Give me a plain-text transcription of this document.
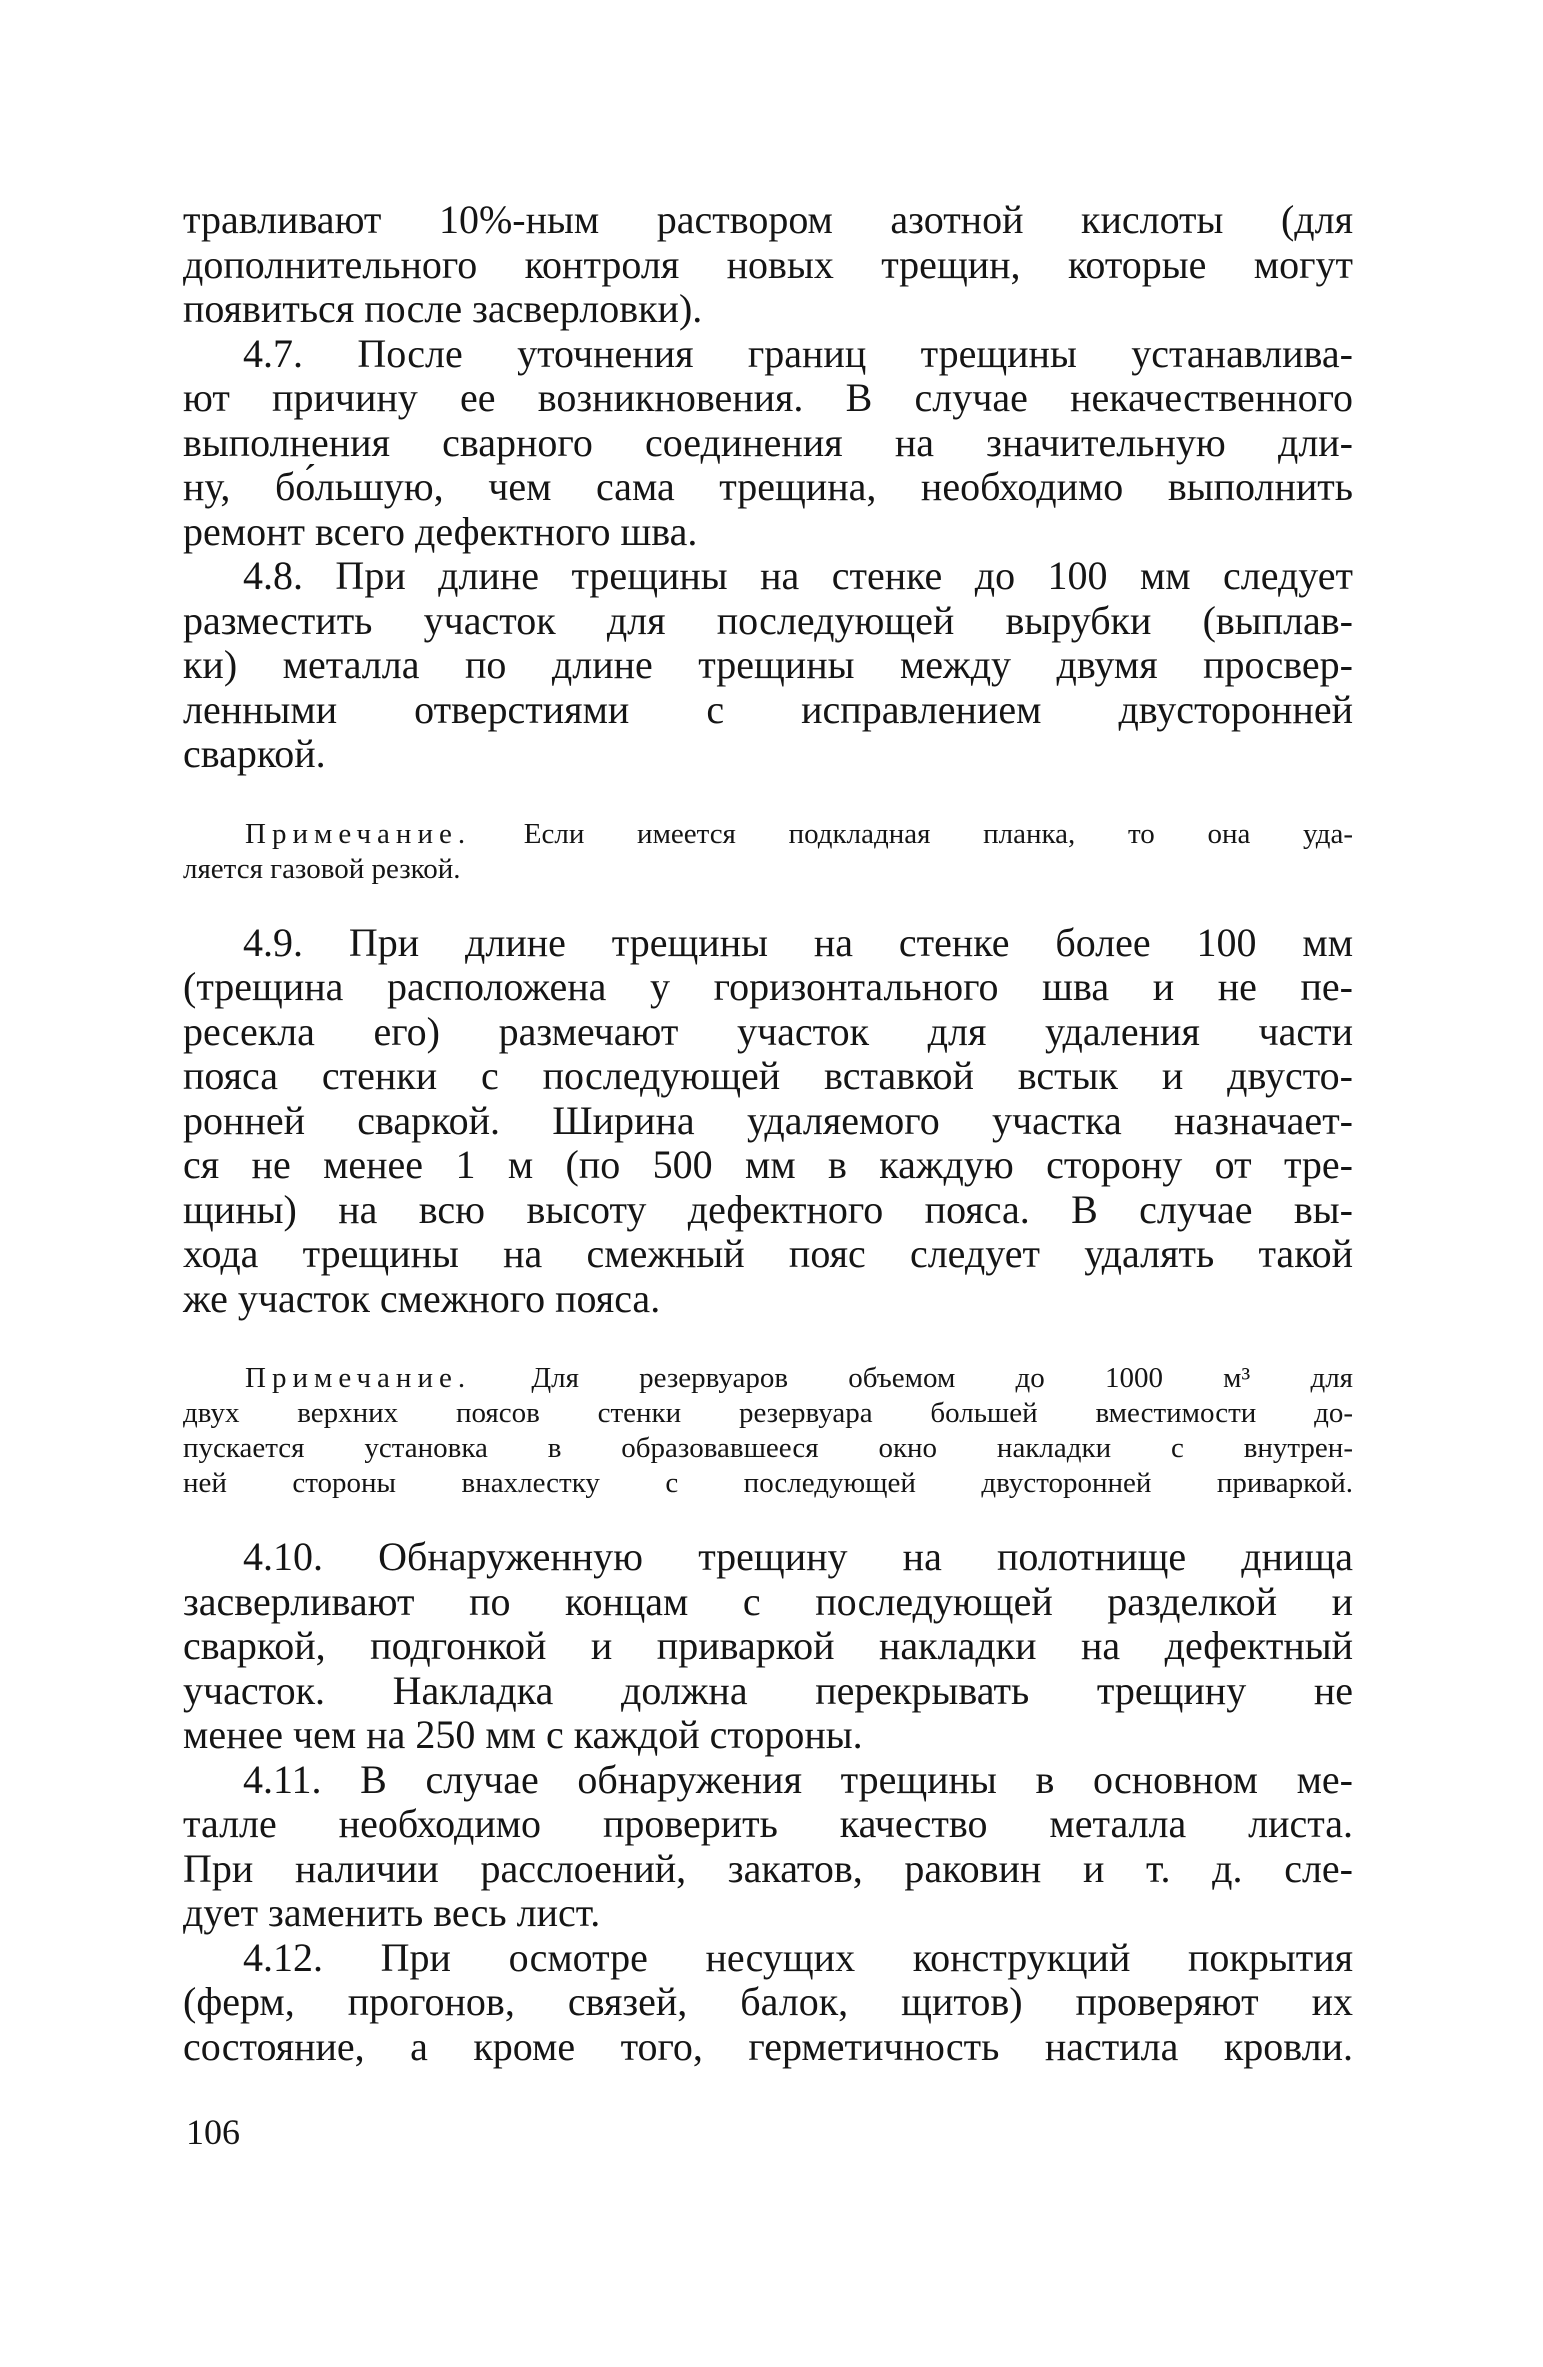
травливают 10%-ным раствором азотной кислоты (для
дополнительного контроля новых трещин, которые могут
появиться после засверловки).
4.7. После уточнения границ трещины устанавлива-
ют причину ее возникновения. В случае некачественного
выполнения сварного соединения на значительную дли-
ну, бо́льшую, чем сама трещина, необходимо выполнить
ремонт всего дефектного шва.
4.8. При длине трещины на стенке до 100 мм следует
разместить участок для последующей вырубки (выплав-
ки) металла по длине трещины между двумя просвер-
ленными отверстиями с исправлением двусторонней
сваркой.
Примечание. Если имеется подкладная планка, то она уда-
ляется газовой резкой.
4.9. При длине трещины на стенке более 100 мм
(трещина расположена у горизонтального шва и не пе-
ресекла его) размечают участок для удаления части
пояса стенки с последующей вставкой встык и двусто-
ронней сваркой. Ширина удаляемого участка назначает-
ся не менее 1 м (по 500 мм в каждую сторону от тре-
щины) на всю высоту дефектного пояса. В случае вы-
хода трещины на смежный пояс следует удалять такой
же участок смежного пояса.
Примечание. Для резервуаров объемом до 1000 м³ для
двух верхних поясов стенки резервуара большей вместимости до-
пускается установка в образовавшееся окно накладки с внутрен-
ней стороны внахлестку с последующей двусторонней приваркой.
4.10. Обнаруженную трещину на полотнище днища
засверливают по концам с последующей разделкой и
сваркой, подгонкой и приваркой накладки на дефектный
участок. Накладка должна перекрывать трещину не
менее чем на 250 мм с каждой стороны.
4.11. В случае обнаружения трещины в основном ме-
талле необходимо проверить качество металла листа.
При наличии расслоений, закатов, раковин и т. д. сле-
дует заменить весь лист.
4.12. При осмотре несущих конструкций покрытия
(ферм, прогонов, связей, балок, щитов) проверяют их
состояние, а кроме того, герметичность настила кровли.
106
